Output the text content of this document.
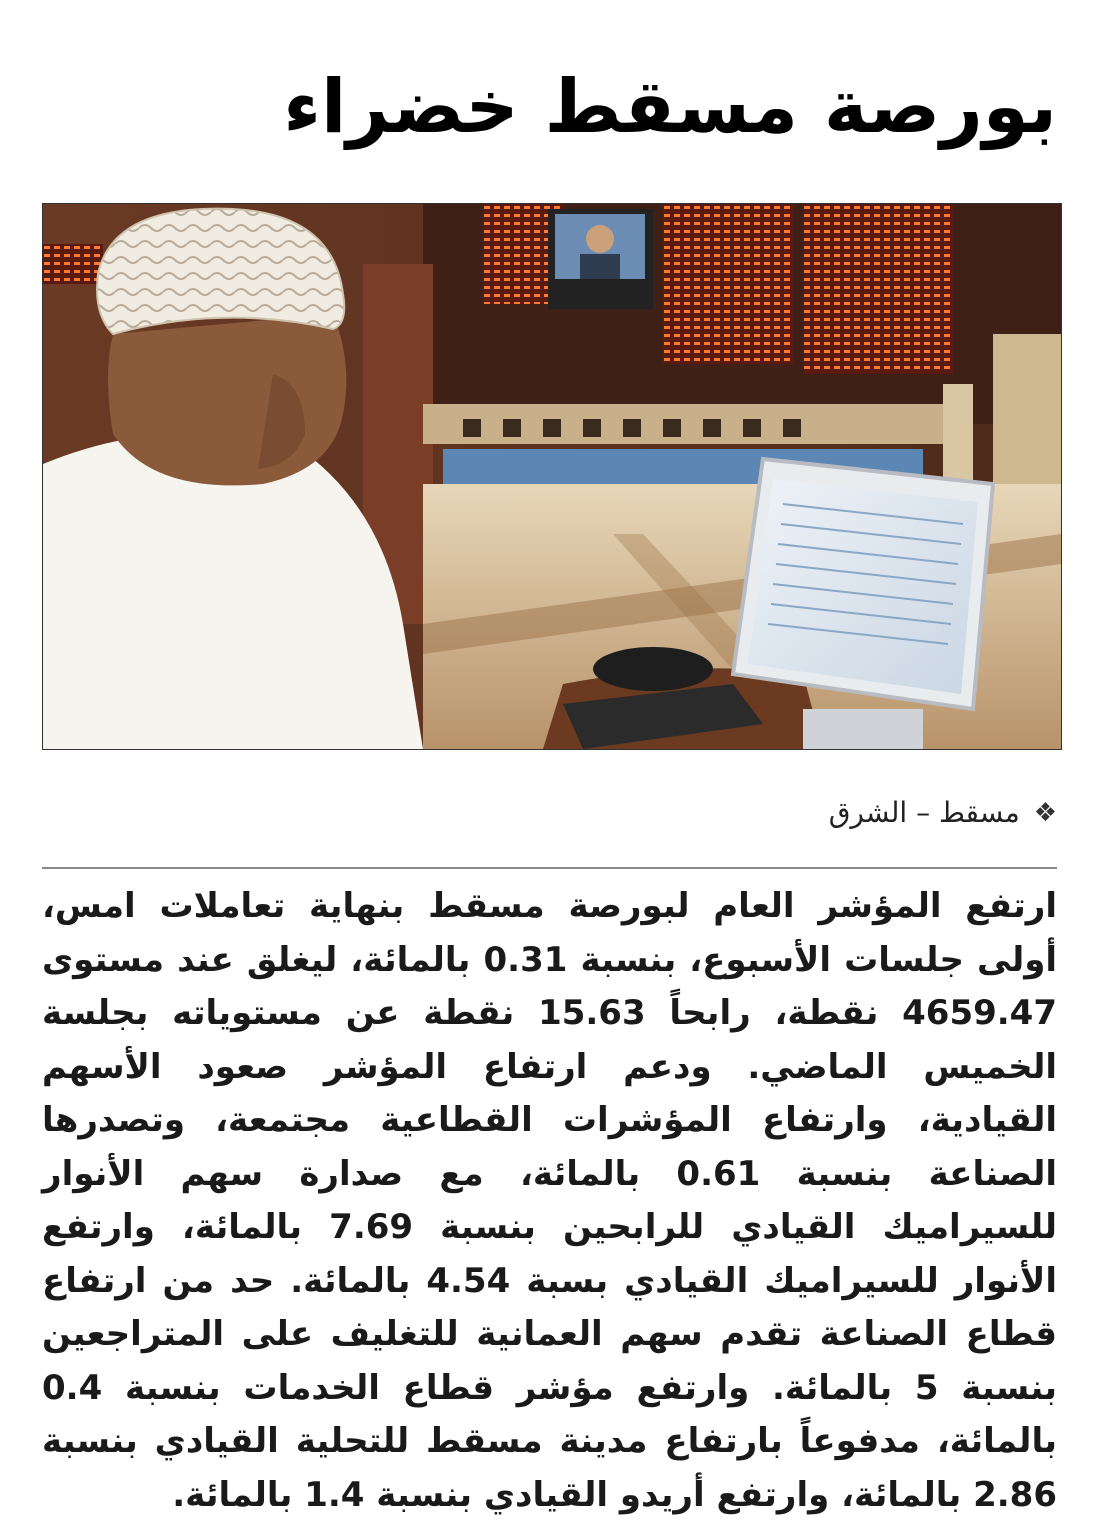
بورصة مسقط خضراء
❖
مسقط – الشرق

ارتفع المؤشر العام لبورصة مسقط بنهاية تعاملات امس، أولى جلسات الأسبوع، بنسبة 0.31 بالمائة، ليغلق عند مستوى 4659.47 نقطة، رابحاً 15.63 نقطة عن مستوياته بجلسة الخميس الماضي. ودعم ارتفاع المؤشر صعود الأسهم القيادية، وارتفاع المؤشرات القطاعية مجتمعة، وتصدرها الصناعة بنسبة 0.61 بالمائة، مع صدارة سهم الأنوار للسيراميك القيادي للرابحين بنسبة 7.69 بالمائة، وارتفع الأنوار للسيراميك القيادي بسبة 4.54 بالمائة. حد من ارتفاع قطاع الصناعة تقدم سهم العمانية للتغليف على المتراجعين بنسبة 5 بالمائة. وارتفع مؤشر قطاع الخدمات بنسبة 0.4 بالمائة، مدفوعاً بارتفاع مدينة مسقط للتحلية القيادي بنسبة 2.86 بالمائة، وارتفع أريدو القيادي بنسبة 1.4 بالمائة.
